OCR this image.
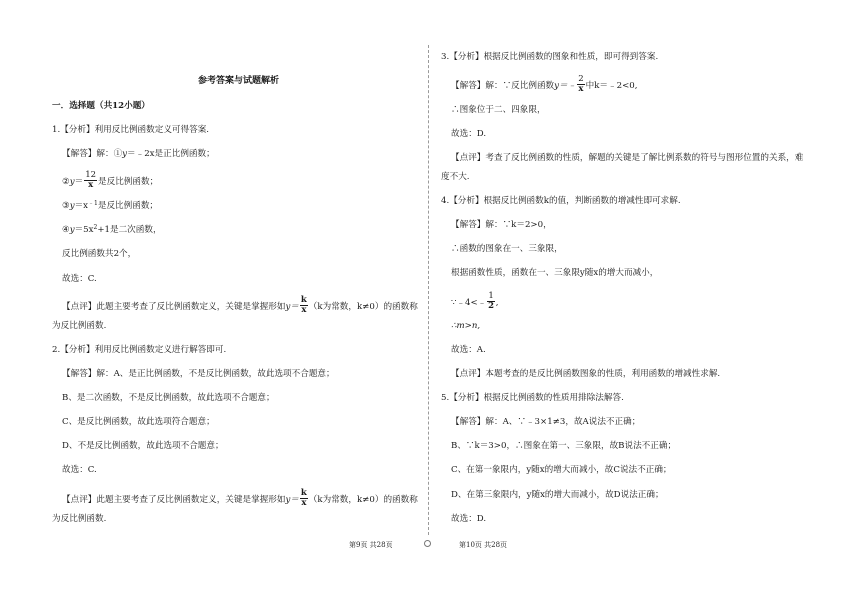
参考答案与试题解析
一．选择题（共12小题）
1.【分析】利用反比例函数定义可得答案.
【解答】解：①y＝﹣2x是正比例函数；
②y＝ $\frac{12}{x}$ 是反比例函数；
$③y=x^{﹣1}$是反比例函数；
$④y=5x^2+1$是二次函数，
反比例函数共2个，
故选：C.
【点评】此题主要考查了反比例函数定义，关键是掌握形如$y= \frac{k}{x} (k$为常数，k≠0）的函数称
为反比例函数.
2.【分析】利用反比例函数定义进行解答即可.
【解答】解：A、是正比例函数，不是反比例函数，故此选项不合题意；
B、是二次函数，不是反比例函数，故此选项不合题意；
C、是反比例函数，故此选项符合题意；
D、不是反比例函数，故此选项不合题意；
故选：C.
【点评】此题主要考查了反比例函数定义，关键是掌握形如$y= \frac{k}{x} (k$为常数，k≠0）的函数称
为反比例函数.
第9页 共28页
3.【分析】根据反比例函数的图象和性质，即可得到答案.
【解答】解：∵反比例函数y＝﹣ $\frac{2}{x}$ 中k＝﹣2<0,
∴图象位于二、四象限，
故选：D.
【点评】考查了反比例函数的性质，解题的关键是了解比例系数的符号与图形位置的关系，难
度不大.
4.【分析】根据反比例函数k的值，判断函数的增减性即可求解.
【解答】解：∵k＝2>0，
∴函数的图象在一、三象限，
根据函数性质，函数在一、三象限y随x的增大而减小，
∵﹣4<﹣ $\frac{1}{2}$ ,
∴m>n,
故选：A.
【点评】本题考查的是反比例函数图象的性质，利用函数的增减性求解.
5.【分析】根据反比例函数的性质用排除法解答.
【解答】解：A、∵﹣3×1≠3，故A说法不正确；
B、∵k＝3>0，∴图象在第一、三象限，故B说法不正确；
C、在第一象限内，y随x的增大而减小，故C说法不正确；
D、在第三象限内，y随x的增大而减小，故D说法正确；
故选：D.
第10页 共28页
